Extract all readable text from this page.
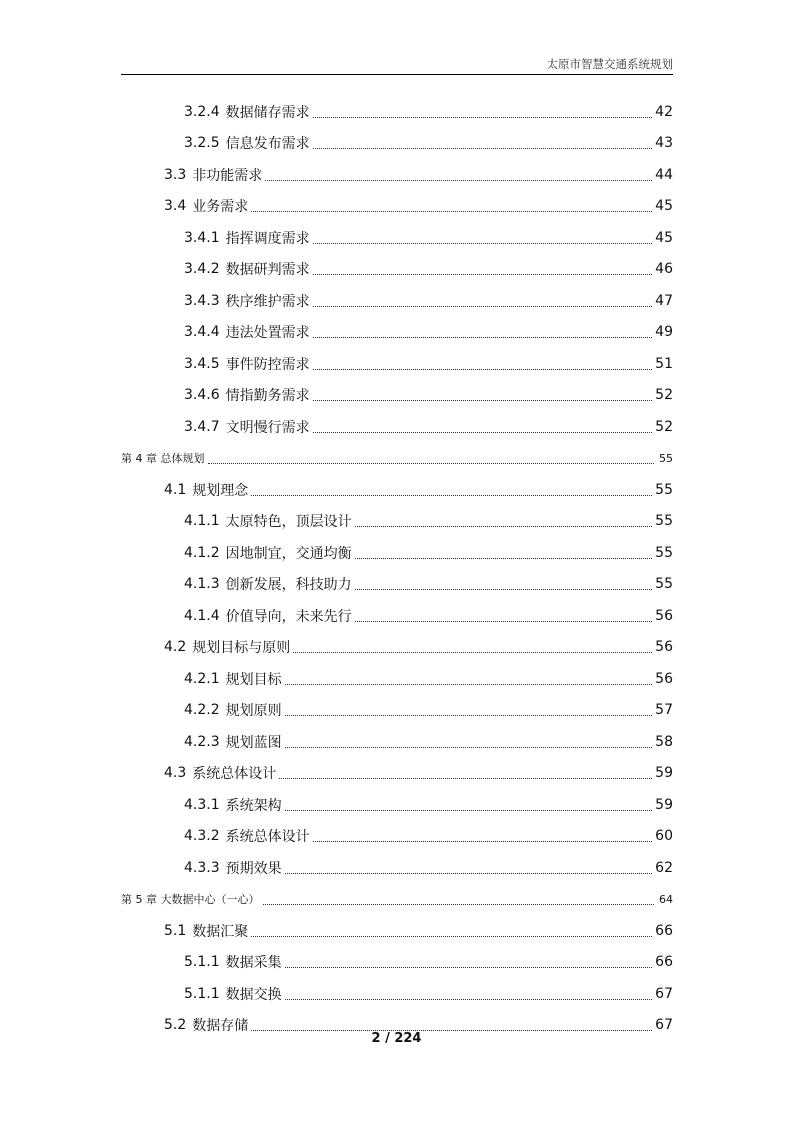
太原市智慧交通系统规划
3.2.4 数据储存需求	42
3.2.5 信息发布需求	43
3.3 非功能需求	44
3.4 业务需求	45
3.4.1 指挥调度需求	45
3.4.2 数据研判需求	46
3.4.3 秩序维护需求	47
3.4.4 违法处置需求	49
3.4.5 事件防控需求	51
3.4.6 情指勤务需求	52
3.4.7 文明慢行需求	52
第 4 章 总体规划	55
4.1 规划理念	55
4.1.1 太原特色，顶层设计	55
4.1.2 因地制宜，交通均衡	55
4.1.3 创新发展，科技助力	55
4.1.4 价值导向，未来先行	56
4.2 规划目标与原则	56
4.2.1 规划目标	56
4.2.2 规划原则	57
4.2.3 规划蓝图	58
4.3 系统总体设计	59
4.3.1 系统架构	59
4.3.2 系统总体设计	60
4.3.3 预期效果	62
第 5 章 大数据中心（一心）	64
5.1 数据汇聚	66
5.1.1 数据采集	66
5.1.1 数据交换	67
5.2 数据存储	67
2 / 224
